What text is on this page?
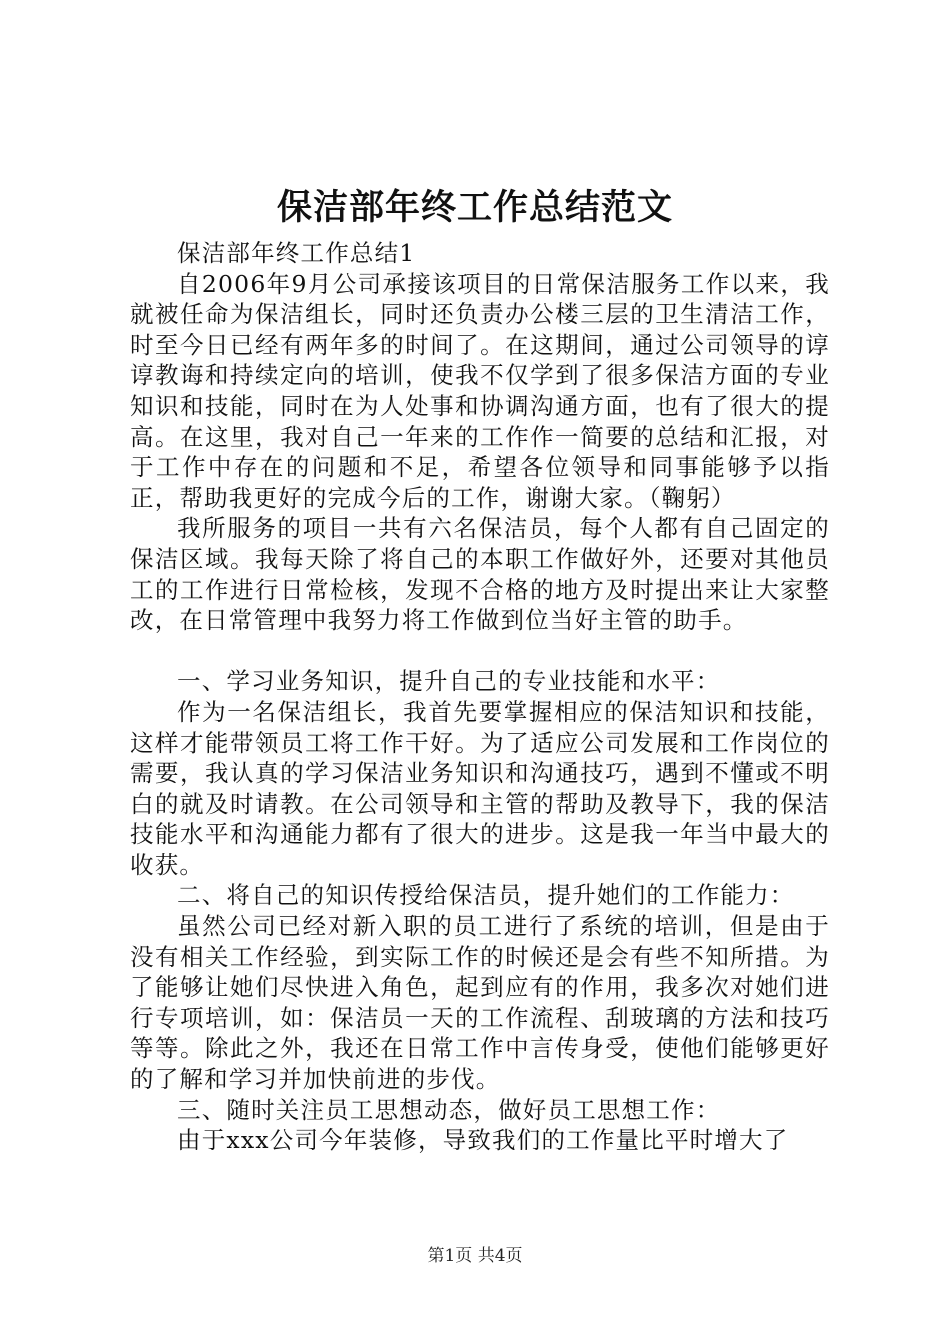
保洁部年终工作总结范文

保洁部年终工作总结1

自2006年9月公司承接该项目的日常保洁服务工作以来，我就被任命为保洁组长，同时还负责办公楼三层的卫生清洁工作，时至今日已经有两年多的时间了。在这期间，通过公司领导的谆谆教诲和持续定向的培训，使我不仅学到了很多保洁方面的专业知识和技能，同时在为人处事和协调沟通方面，也有了很大的提高。在这里，我对自己一年来的工作作一简要的总结和汇报，对于工作中存在的问题和不足，希望各位领导和同事能够予以指正，帮助我更好的完成今后的工作，谢谢大家。（鞠躬）

我所服务的项目一共有六名保洁员，每个人都有自己固定的保洁区域。我每天除了将自己的本职工作做好外，还要对其他员工的工作进行日常检核，发现不合格的地方及时提出来让大家整改，在日常管理中我努力将工作做到位当好主管的助手。

一、学习业务知识，提升自己的专业技能和水平：

作为一名保洁组长，我首先要掌握相应的保洁知识和技能，这样才能带领员工将工作干好。为了适应公司发展和工作岗位的需要，我认真的学习保洁业务知识和沟通技巧，遇到不懂或不明白的就及时请教。在公司领导和主管的帮助及教导下，我的保洁技能水平和沟通能力都有了很大的进步。这是我一年当中最大的收获。

二、将自己的知识传授给保洁员，提升她们的工作能力：

虽然公司已经对新入职的员工进行了系统的培训，但是由于没有相关工作经验，到实际工作的时候还是会有些不知所措。为了能够让她们尽快进入角色，起到应有的作用，我多次对她们进行专项培训，如：保洁员一天的工作流程、刮玻璃的方法和技巧等等。除此之外，我还在日常工作中言传身受，使他们能够更好的了解和学习并加快前进的步伐。

三、随时关注员工思想动态，做好员工思想工作：

由于xxx公司今年装修，导致我们的工作量比平时增大了

第1页 共4页
